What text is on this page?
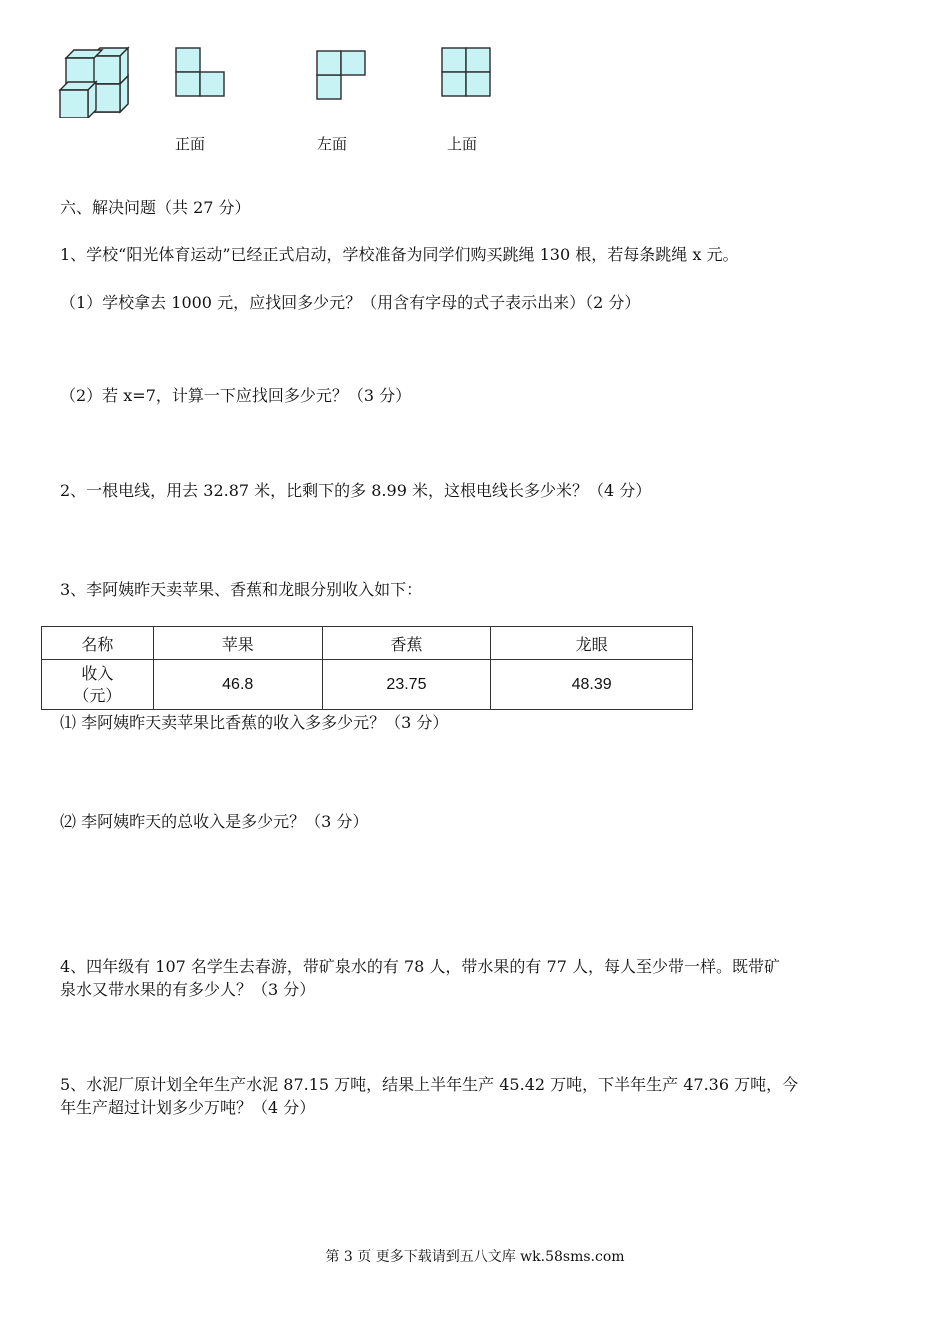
正面	左面	上面
六、解决问题（共 27 分）
1、学校“阳光体育运动”已经正式启动，学校准备为同学们购买跳绳 130 根，若每条跳绳 x 元。
（1）学校拿去 1000 元，应找回多少元？（用含有字母的式子表示出来）（2 分）
（2）若 x=7，计算一下应找回多少元？（3 分）
2、一根电线，用去 32.87 米，比剩下的多 8.99 米，这根电线长多少米？（4 分）
3、李阿姨昨天卖苹果、香蕉和龙眼分别收入如下：
名称	苹果	香蕉	龙眼

收入
（元）	46.8	23.75	48.39
⑴ 李阿姨昨天卖苹果比香蕉的收入多多少元？（3 分）
⑵ 李阿姨昨天的总收入是多少元？（3 分）
4、四年级有 107 名学生去春游，带矿泉水的有 78 人，带水果的有 77 人，每人至少带一样。既带矿
泉水又带水果的有多少人？（3 分）
5、水泥厂原计划全年生产水泥 87.15 万吨，结果上半年生产 45.42 万吨，下半年生产 47.36 万吨，今
年生产超过计划多少万吨？（4 分）
第 3 页 更多下载请到五八文库 wk.58sms.com
